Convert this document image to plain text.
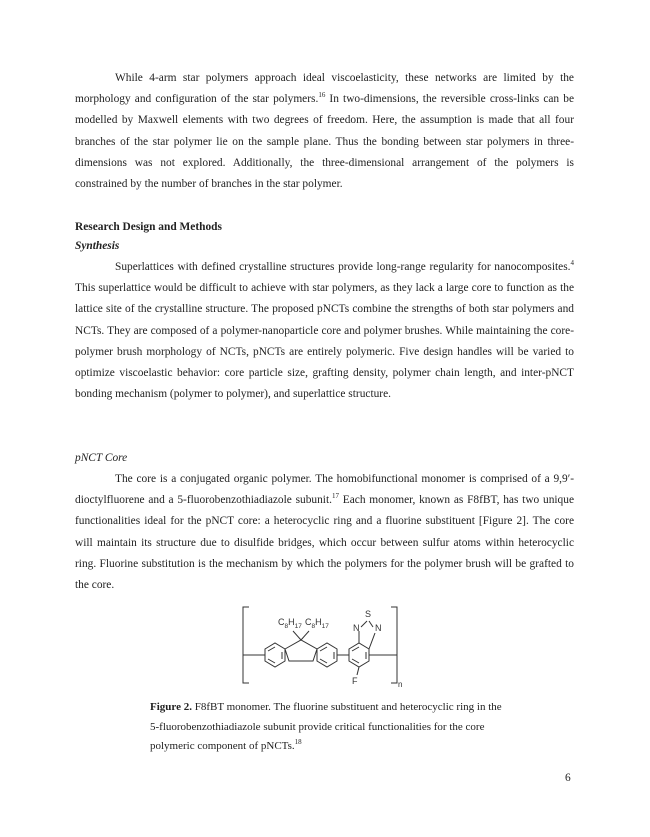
While 4-arm star polymers approach ideal viscoelasticity, these networks are limited by the morphology and configuration of the star polymers.$^{16}$ In two-dimensions, the reversible cross-links can be modelled by Maxwell elements with two degrees of freedom. Here, the assumption is made that all four branches of the star polymer lie on the sample plane. Thus the bonding between star polymers in three-dimensions was not explored. Additionally, the three-dimensional arrangement of the polymers is constrained by the number of branches in the star polymer.

Research Design and Methods
Synthesis

Superlattices with defined crystalline structures provide long-range regularity for nanocomposites.$^4$ This superlattice would be difficult to achieve with star polymers, as they lack a large core to function as the lattice site of the crystalline structure. The proposed pNCTs combine the strengths of both star polymers and NCTs. They are composed of a polymer-nanoparticle core and polymer brushes. While maintaining the core-polymer brush morphology of NCTs, pNCTs are entirely polymeric. Five design handles will be varied to optimize viscoelastic behavior: core particle size, grafting density, polymer chain length, and inter-pNCT bonding mechanism (polymer to polymer), and superlattice structure.

pNCT Core

The core is a conjugated organic polymer. The homobifunctional monomer is comprised of a 9,9′-dioctylfluorene and a 5-fluorobenzothiadiazole subunit.$^{17}$ Each monomer, known as F8fBT, has two unique functionalities ideal for the pNCT core: a heterocyclic ring and a fluorine substituent [Figure 2]. The core will maintain its structure due to disulfide bridges, which occur between sulfur atoms within heterocyclic ring. Fluorine substitution is the mechanism by which the polymers for the polymer brush will be grafted to the core.

$C_8H_{17}$ $C_8H_{17}$
S
N N
F	n
Figure 2. F8fBT monomer. The fluorine substituent and heterocyclic ring in the 5-fluorobenzothiadiazole subunit provide critical functionalities for the core polymeric component of pNCTs.$^{18}$
6
